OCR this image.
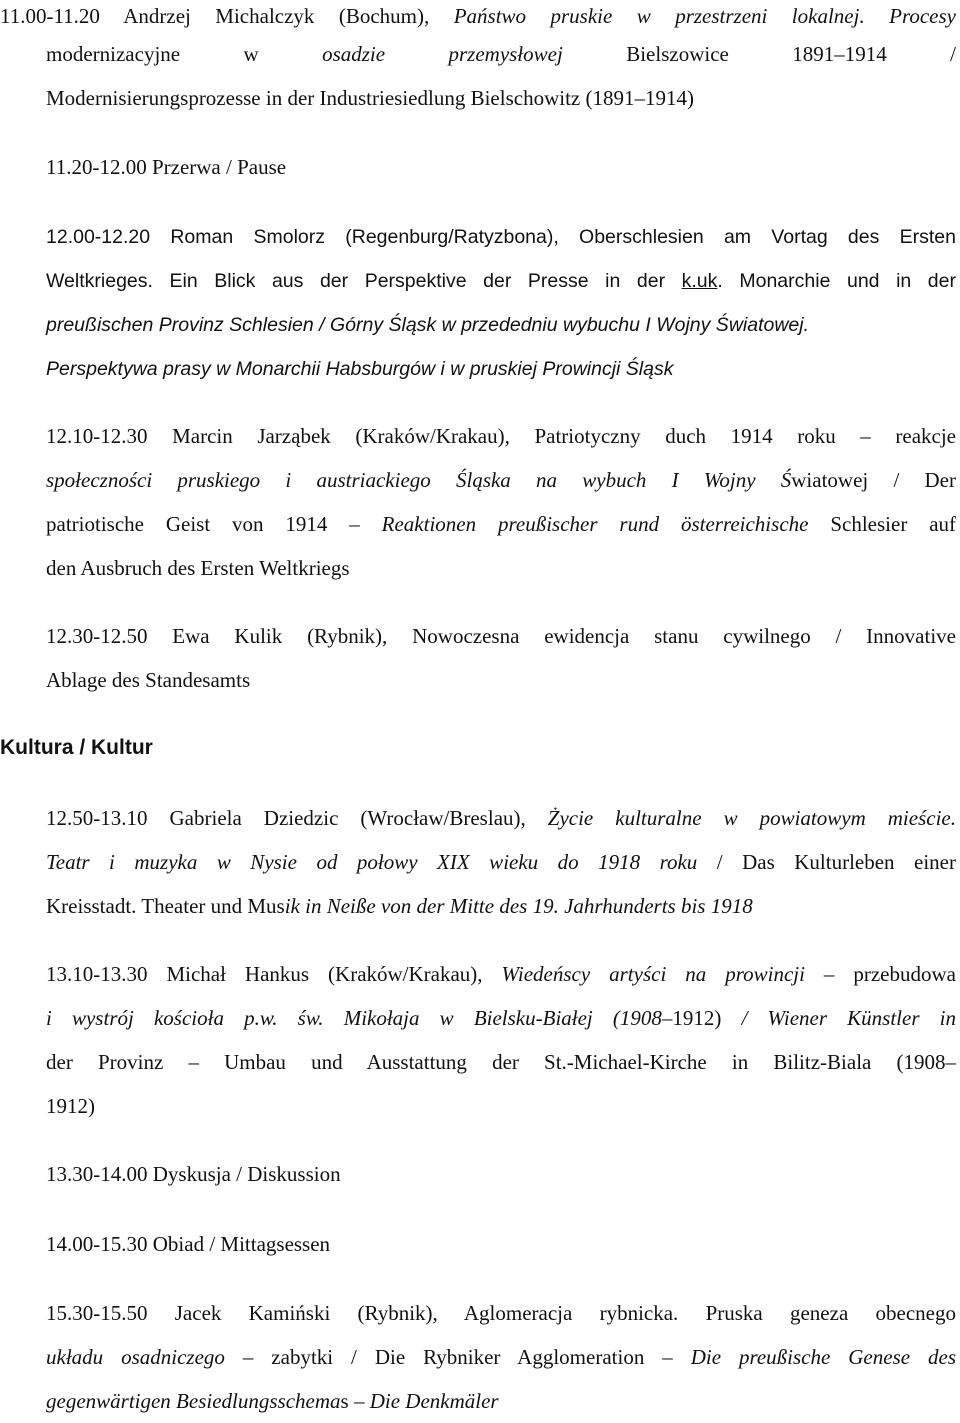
11.00-11.20 Andrzej Michalczyk (Bochum), Państwo pruskie w przestrzeni lokalnej. Procesy
modernizacyjne w osadzie przemysłowej Bielszowice 1891–1914 /
Modernisierungsprozesse in der Industriesiedlung Bielschowitz (1891–1914)
11.20-12.00 Przerwa / Pause
12.00-12.20 Roman Smolorz (Regenburg/Ratyzbona), Oberschlesien am Vortag des Ersten
Weltkrieges. Ein Blick aus der Perspektive der Presse in der k.uk. Monarchie und in der
preußischen Provinz Schlesien / Górny Śląsk w przededniu wybuchu I Wojny Światowej.
Perspektywa prasy w Monarchii Habsburgów i w pruskiej Prowincji Śląsk
12.10-12.30 Marcin Jarząbek (Kraków/Krakau), Patriotyczny duch 1914 roku – reakcje
społeczności pruskiego i austriackiego Śląska na wybuch I Wojny Światowej / Der
patriotische Geist von 1914 – Reaktionen preußischer rund österreichische Schlesier auf
den Ausbruch des Ersten Weltkriegs
12.30-12.50 Ewa Kulik (Rybnik), Nowoczesna ewidencja stanu cywilnego / Innovative
Ablage des Standesamts
Kultura / Kultur
12.50-13.10 Gabriela Dziedzic (Wrocław/Breslau), Życie kulturalne w powiatowym mieście.
Teatr i muzyka w Nysie od połowy XIX wieku do 1918 roku / Das Kulturleben einer
Kreisstadt. Theater und Musik in Neiße von der Mitte des 19. Jahrhunderts bis 1918
13.10-13.30 Michał Hankus (Kraków/Krakau), Wiedeńscy artyści na prowincji – przebudowa
i wystrój kościoła p.w. św. Mikołaja w Bielsku-Białej (1908–1912) / Wiener Künstler in
der Provinz – Umbau und Ausstattung der St.-Michael-Kirche in Bilitz-Biala (1908–
1912)
13.30-14.00 Dyskusja / Diskussion
14.00-15.30 Obiad / Mittagsessen
15.30-15.50 Jacek Kamiński (Rybnik), Aglomeracja rybnicka. Pruska geneza obecnego
układu osadniczego – zabytki / Die Rybniker Agglomeration – Die preußische Genese des
gegenwärtigen Besiedlungsschemas – Die Denkmäler
